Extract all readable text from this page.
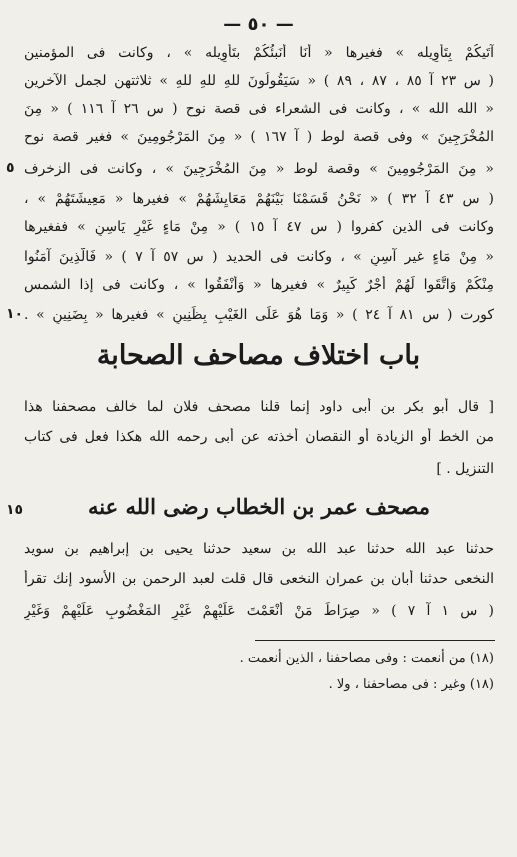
— ٥٠ —
آتَيكُمْ بِتَأوِيله » فغيرها « أنَا أنَبئُكُمْ بتَأْوِيله » ، وكانت فى المؤمنين
( س ٢٣ آ ٨٥ ، ٨٧ ، ٨٩ ) « سَيَقُولُونَ للهِ للهِ للهِ » ثلاثتهن لجمل الآخرين
« الله الله » ، وكانت فى الشعراء فى قصة نوح ( س ٢٦ آ ١١٦ ) « مِنَ
المُخْرَجِينَ » وفى قصة لوط ( آ ١٦٧ ) « مِنَ المَرْجُومِينَ » فغير قصة نوح
« مِنَ المَرْجُومِينَ » وقصة لوط « مِنَ المُخْرَجِينَ » ، وكانت فى الزخرف
٥
( س ٤٣ آ ٣٢ ) « نَحْنُ قَسَمْنَا بَيْنَهُمْ مَعَايِشَهُمْ » فغيرها « مَعِيشَتَهُمْ » ،
وكانت فى الذين كفروا ( س ٤٧ آ ١٥ ) « مِنْ مَاءٍ غَيْرِ يَاسِنٍ » ففغيرها
« مِنْ مَاءٍ غير آسِنٍ » ، وكانت فى الحديد ( س ٥٧ آ ٧ ) « فَالَّذِينَ آمَنُوا
مِنْكُمْ وَاتَّقَوا لَهُمْ أجْرٌ كَبِيرٌ » فغيرها « وَأنْفَقُوا » ، وكانت فى إذا الشمس
كورت ( س ٨١ آ ٢٤ ) « وَمَا هُوَ عَلَى الغَيْبِ بِظَنِينٍ » فغيرها « بِضَنِينٍ » .
١٠
باب اختلاف مصاحف الصحابة
[ قال أبو بكر بن أبى داود إنما قلنا مصحف فلان لما خالف مصحفنا هذا
من الخط أو الزيادة أو النقصان أخذته عن أبى رحمه الله هكذا فعل فى كتاب
التنزيل . ]
مصحف عمر بن الخطاب رضى الله عنه
١٥
حدثنا عبد الله حدثنا عبد الله بن سعيد حدثنا يحيى بن إبراهيم بن سويد
النخعى حدثنا أبان بن عمران النخعى قال قلت لعبد الرحمن بن الأسود إنك تقرأ
( س ١ آ ٧ ) « صِرَاطَ مَنْ أنْعَمْتَ عَلَيْهِمْ غَيْرِ المَغْضُوبِ عَلَيْهِمْ وَغَيْرِ
(١٨) من أنعمت : وفى مصاحفنا ، الذين أنعمت .
(١٨) وغير : فى مصاحفنا ، ولا .
